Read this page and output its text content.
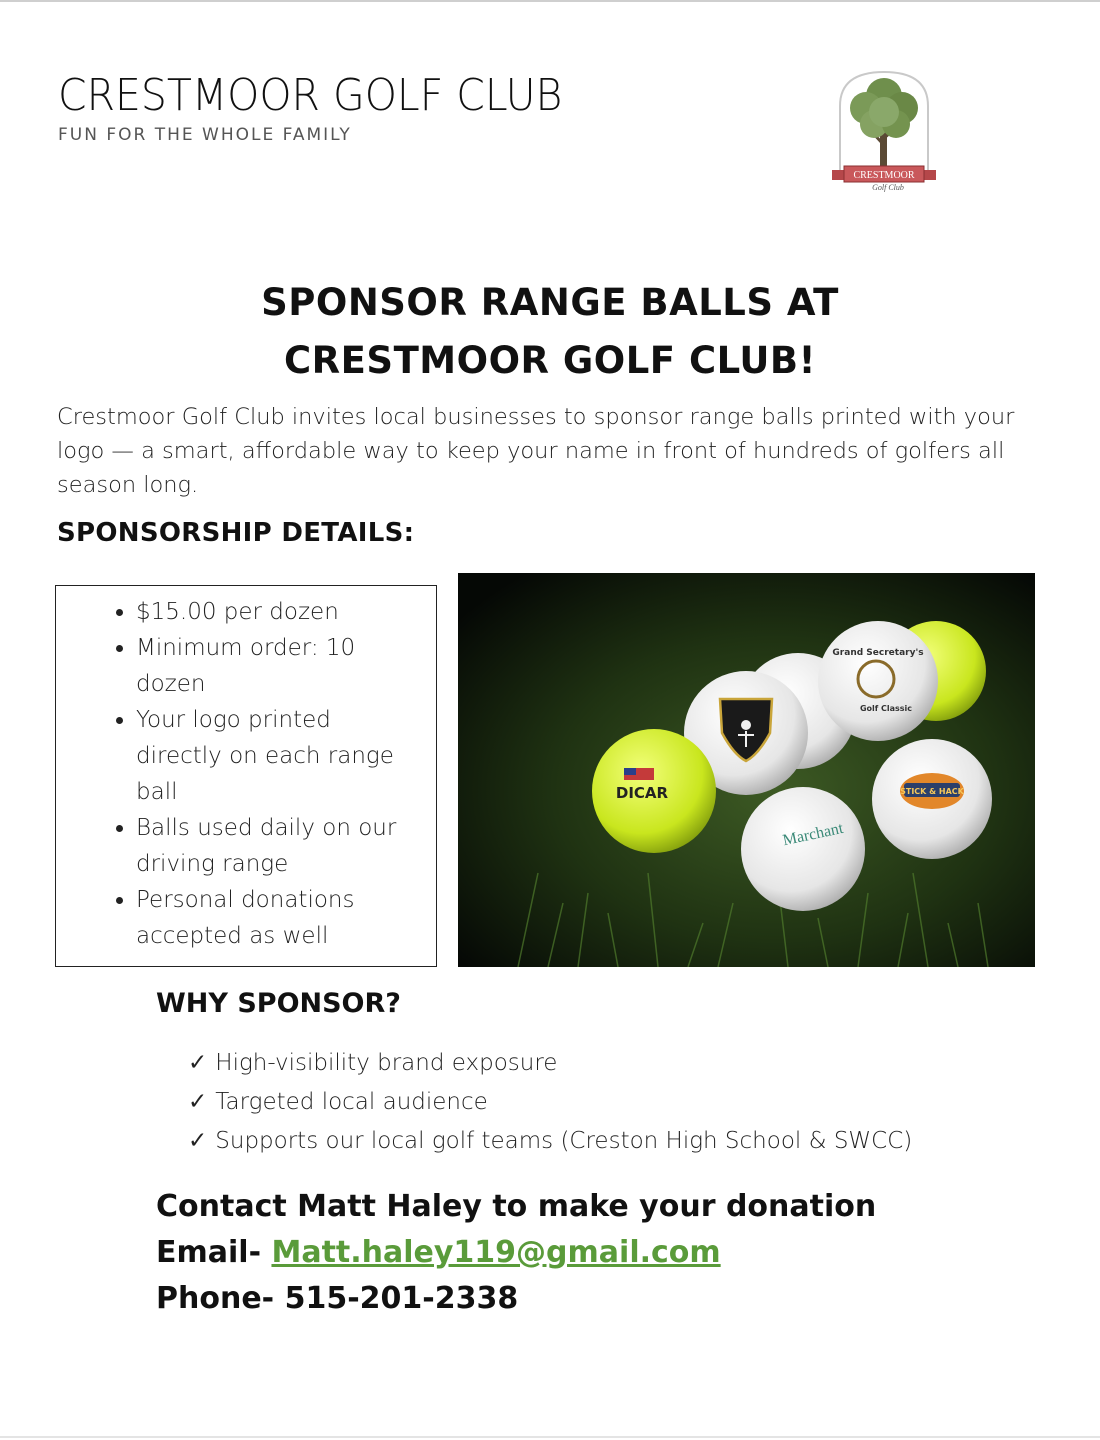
CRESTMOOR GOLF CLUB
FUN FOR THE WHOLE FAMILY
CRESTMOOR
Golf Club
SPONSOR RANGE BALLS AT
CRESTMOOR GOLF CLUB!
Crestmoor Golf Club invites local businesses to sponsor range balls printed with your logo — a smart, affordable way to keep your name in front of hundreds of golfers all season long.
SPONSORSHIP DETAILS:
• $15.00 per dozen
• Minimum order: 10 dozen
• Your logo printed directly on each range ball
• Balls used daily on our driving range
• Personal donations accepted as well
Grand Secretary's
Golf Classic
DICAR
Marchant
STICK & HACK
WHY SPONSOR?
✓ High-visibility brand exposure
✓ Targeted local audience
✓ Supports our local golf teams (Creston High School & SWCC)
Contact Matt Haley to make your donation
Email- Matt.haley119@gmail.com
Phone- 515-201-2338
